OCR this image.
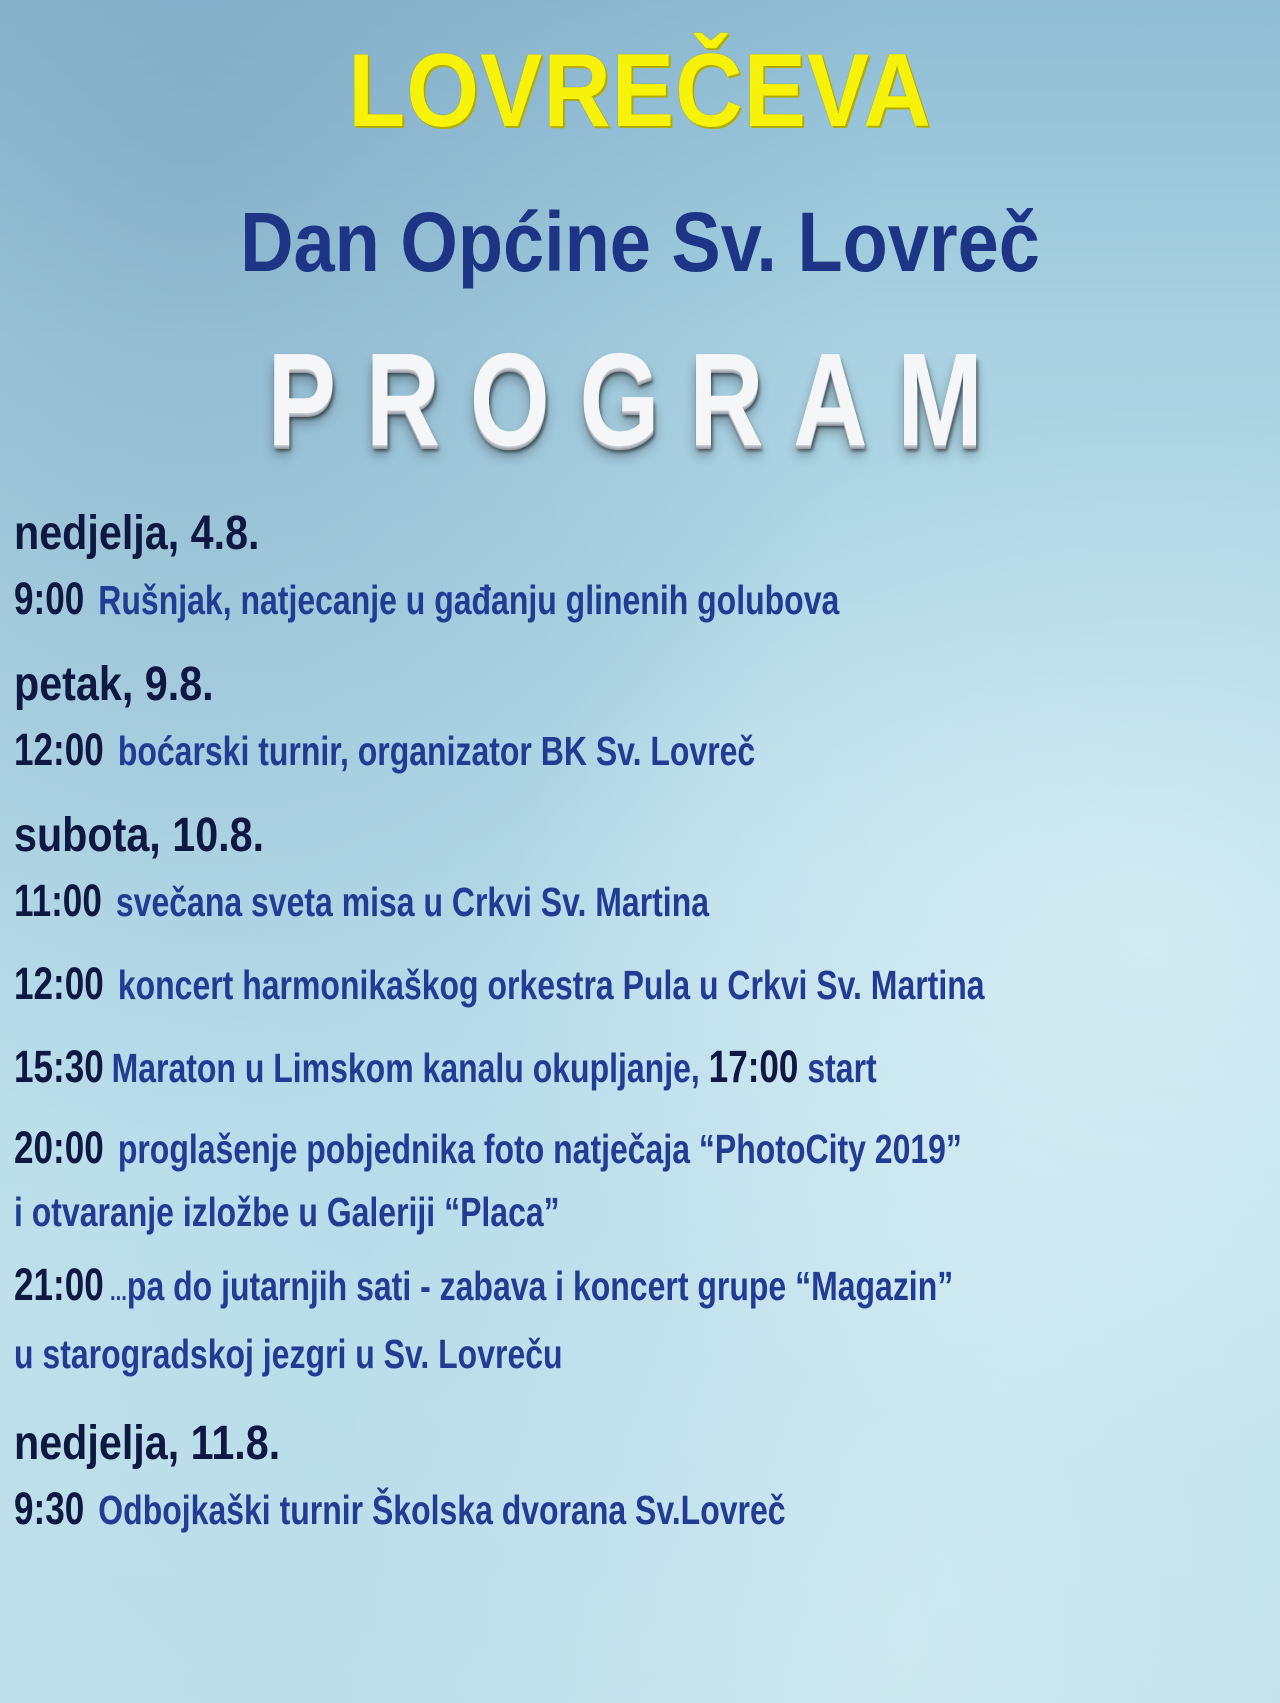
LOVREČEVA
Dan Općine Sv. Lovreč
PROGRAM
nedjelja, 4.8.
9:00 Rušnjak, natjecanje u gađanju glinenih golubova
petak, 9.8.
12:00 boćarski turnir, organizator BK Sv. Lovreč
subota, 10.8.
11:00 svečana sveta misa u Crkvi Sv. Martina
12:00 koncert harmonikaškog orkestra Pula u Crkvi Sv. Martina
15:30 Maraton u Limskom kanalu okupljanje, 17:00 start
20:00 proglašenje pobjednika foto natječaja “PhotoCity 2019”
i otvaranje izložbe u Galeriji “Placa”
21:00 ...pa do jutarnjih sati - zabava i koncert grupe “Magazin”
u starogradskoj jezgri u Sv. Lovreču
nedjelja, 11.8.
9:30 Odbojkaški turnir Školska dvorana Sv.Lovreč
